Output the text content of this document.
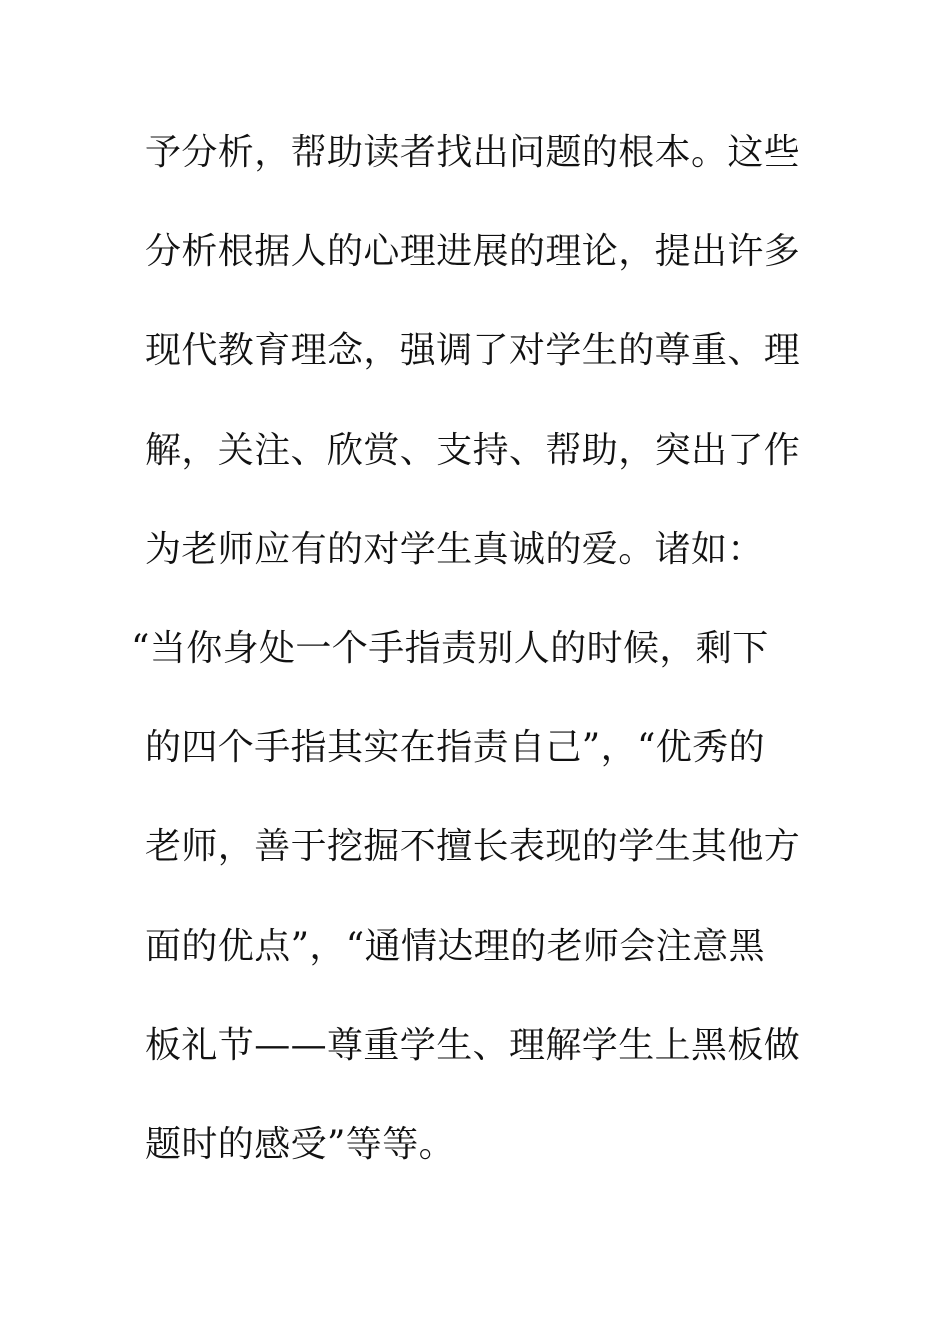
予分析，帮助读者找出问题的根本。这些
分析根据人的心理进展的理论，提出许多
现代教育理念，强调了对学生的尊重、理
解，关注、欣赏、支持、帮助，突出了作
为老师应有的对学生真诚的爱。诸如：
“当你身处一个手指责别人的时候，剩下
的四个手指其实在指责自己”，“优秀的
老师，善于挖掘不擅长表现的学生其他方
面的优点”，“通情达理的老师会注意黑
板礼节——尊重学生、理解学生上黑板做
题时的感受”等等。
